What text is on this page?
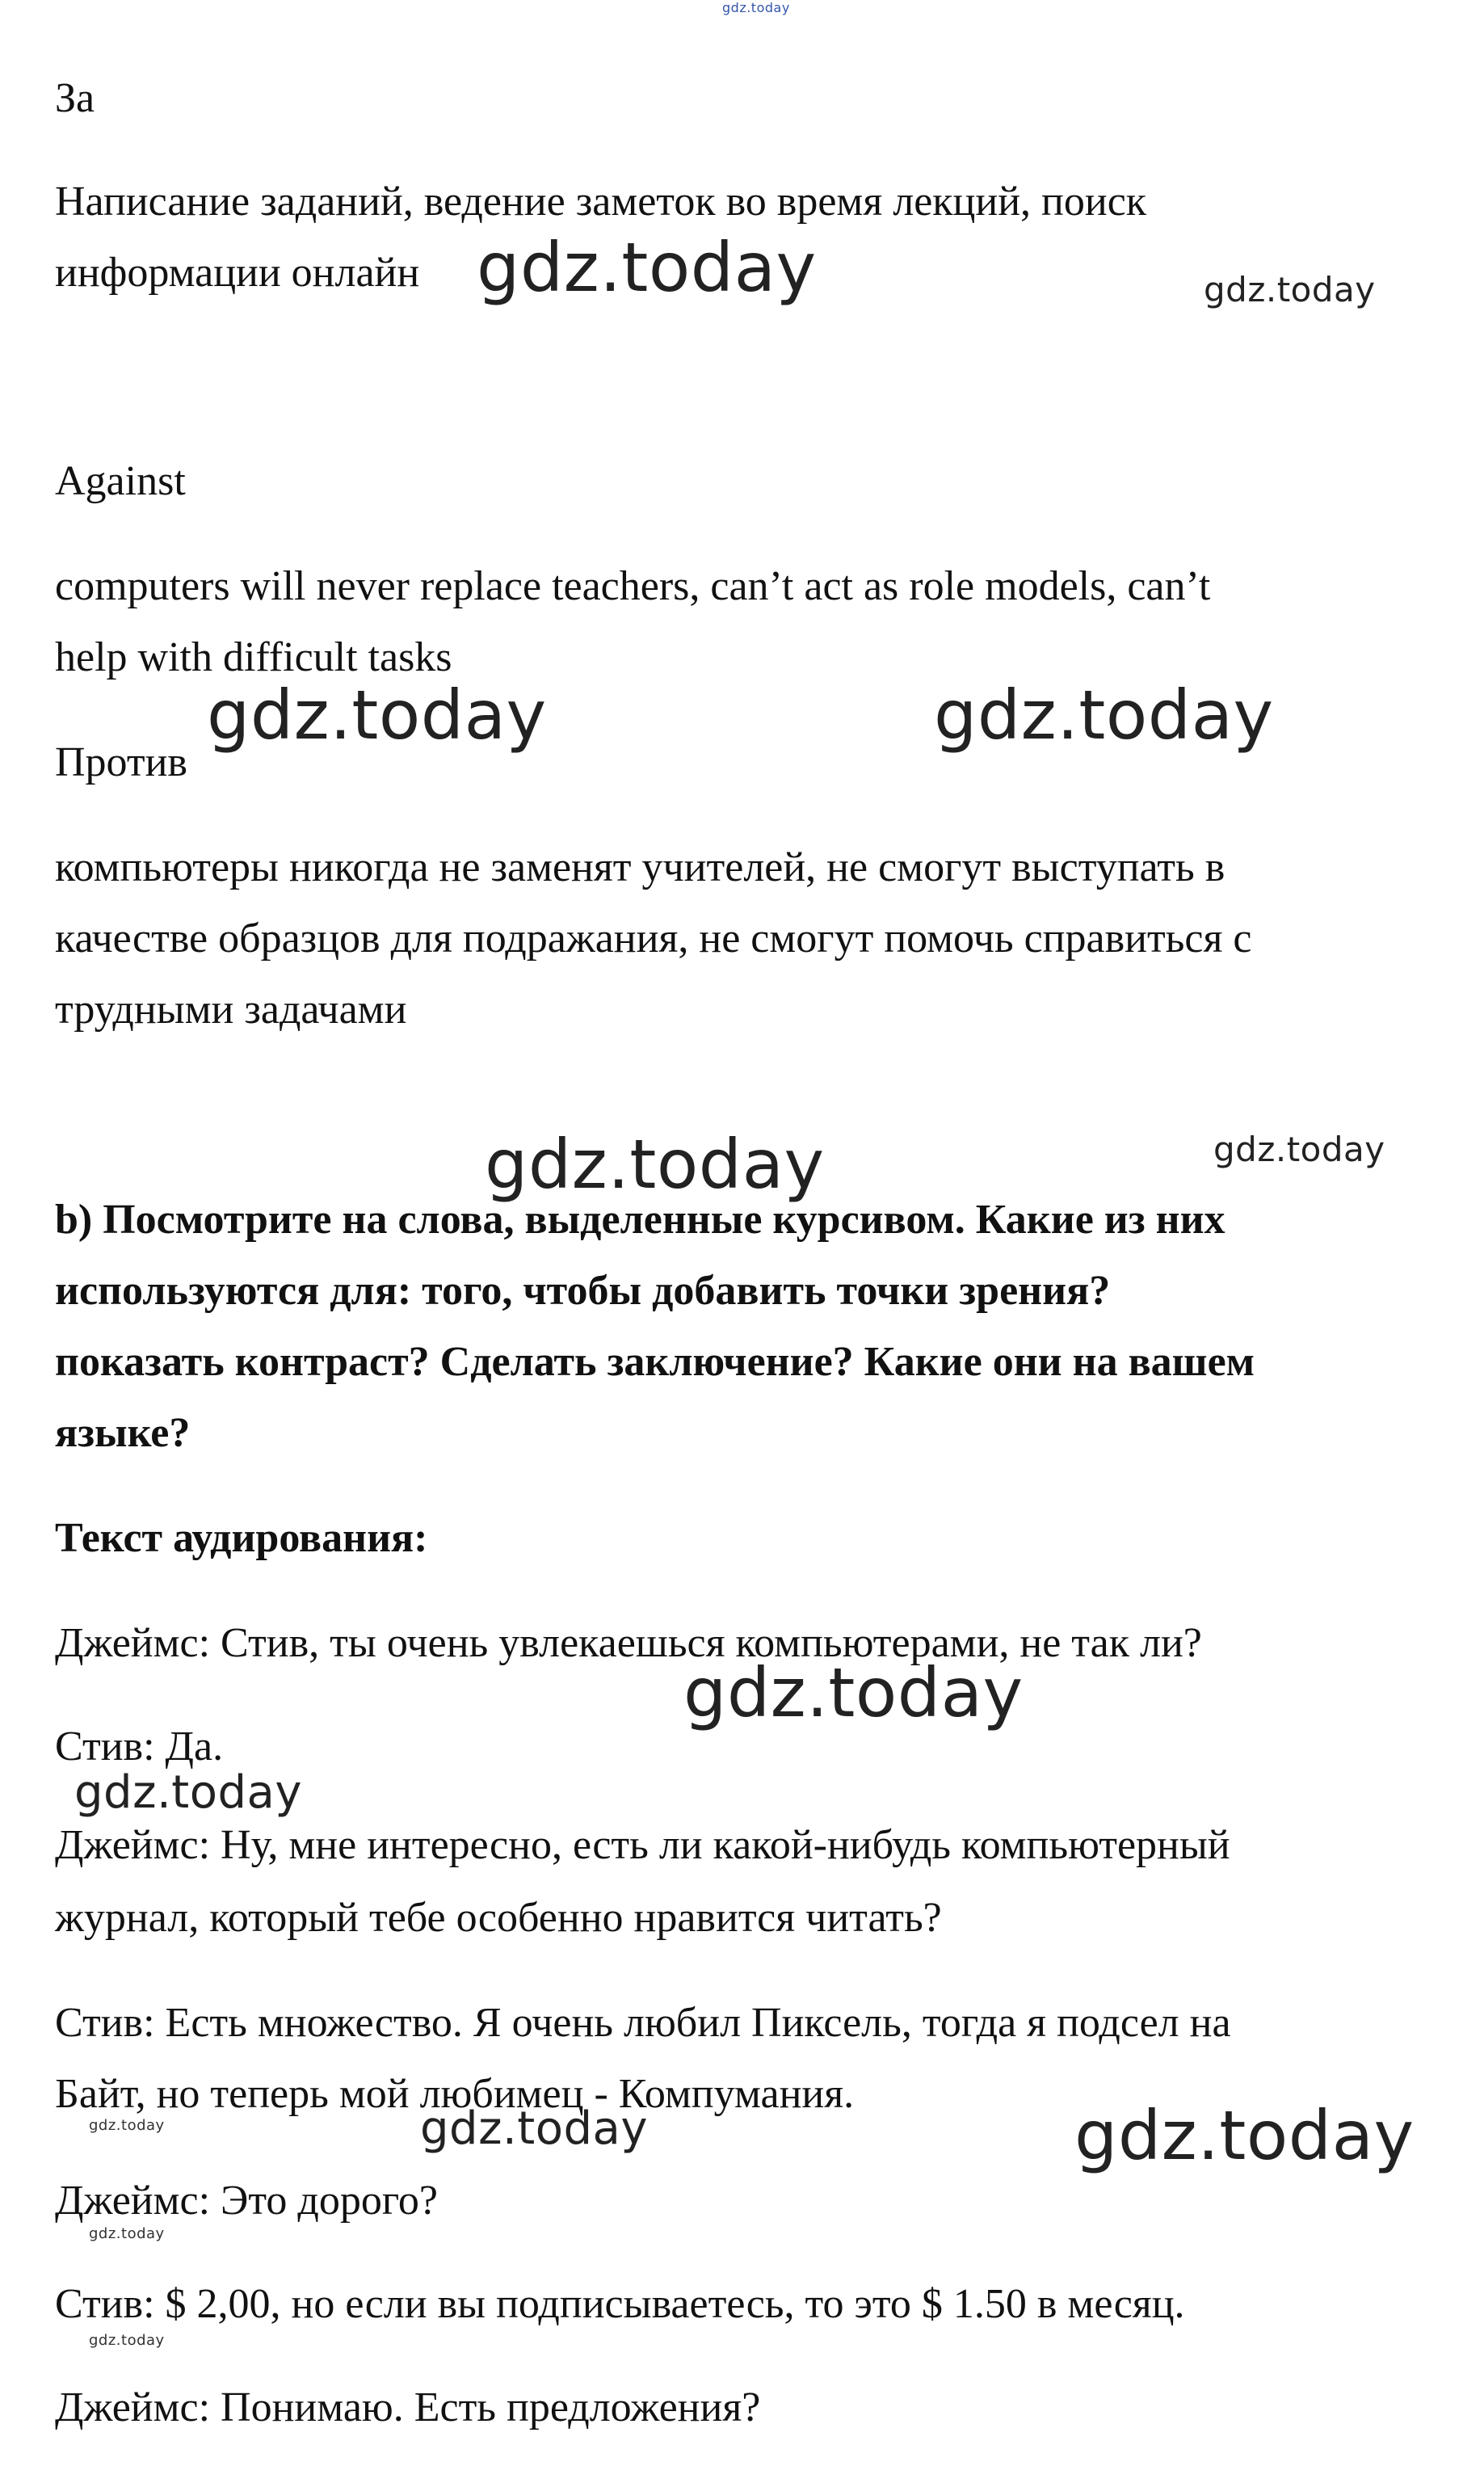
gdz.today

За

Написание заданий, ведение заметок во время лекций, поиск

информации онлайн gdz.today	gdz.today

Against

computers will never replace teachers, can’t act as role models, can’t

help with difficult tasks

gdz.today	gdz.today

Против

компьютеры никогда не заменят учителей, не смогут выступать в

качестве образцов для подражания, не смогут помочь справиться с

трудными задачами

gdz.today	gdz.today

b) Посмотрите на слова, выделенные курсивом. Какие из них

используются для: того, чтобы добавить точки зрения?

показать контраст? Сделать заключение? Какие они на вашем

языке?

Текст аудирования:

Джеймс: Стив, ты очень увлекаешься компьютерами, не так ли?

gdz.today

Стив: Да.

gdz.today

Джеймс: Ну, мне интересно, есть ли какой-нибудь компьютерный

журнал, который тебе особенно нравится читать?

Стив: Есть множество. Я очень любил Пиксель, тогда я подсел на

Байт, но теперь мой любимец - Компумания.

gdz.today	gdz.today	gdz.today

Джеймс: Это дорого?

gdz.today

Стив: $ 2,00, но если вы подписываетесь, то это $ 1.50 в месяц.

gdz.today

Джеймс: Понимаю. Есть предложения?
